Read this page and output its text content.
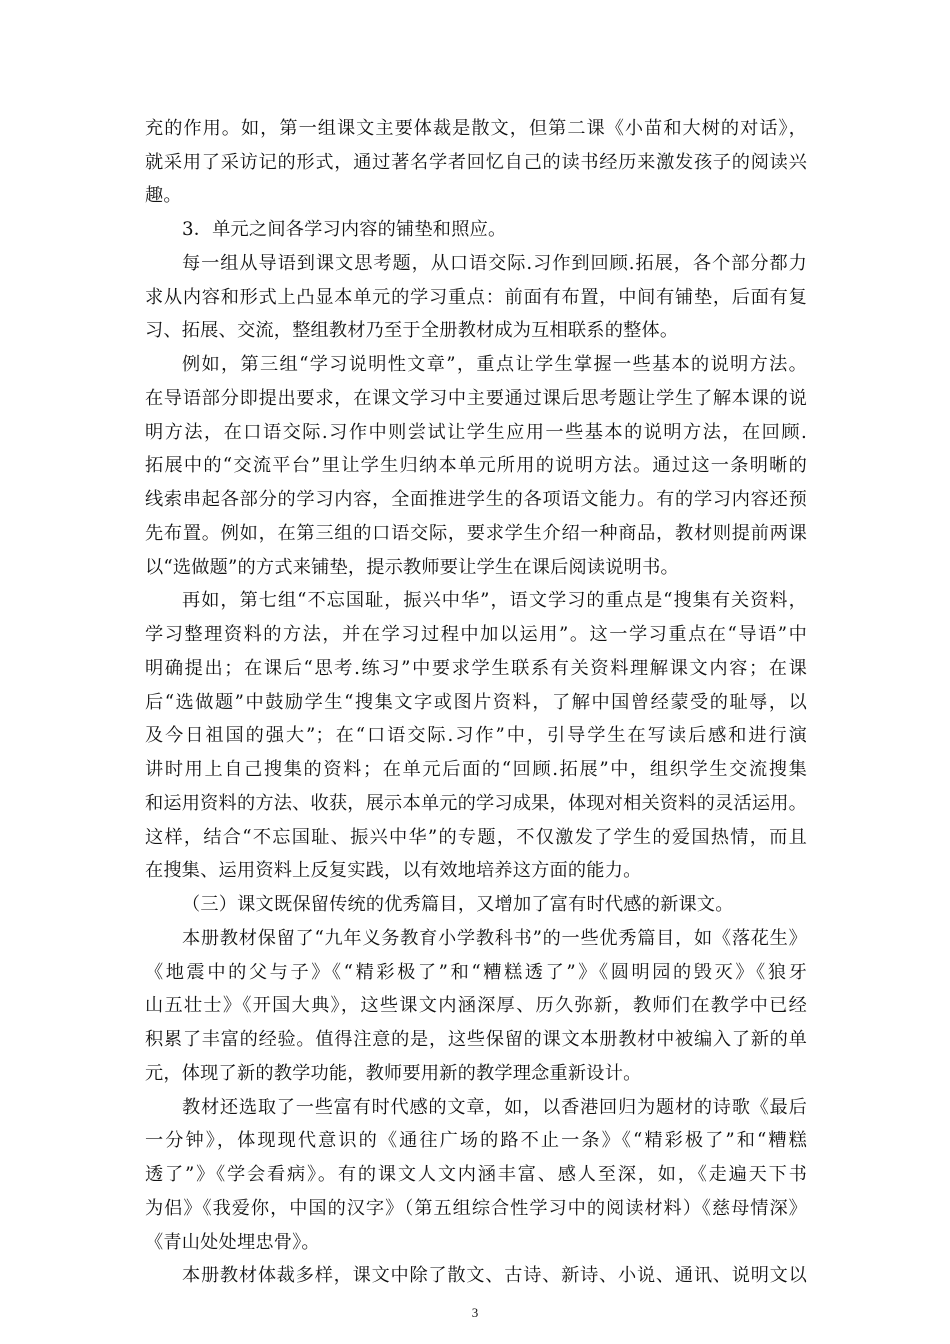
充的作用。如，第一组课文主要体裁是散文，但第二课《小苗和大树的对话》，
就采用了采访记的形式，通过著名学者回忆自己的读书经历来激发孩子的阅读兴
趣。
3．单元之间各学习内容的铺垫和照应。
每一组从导语到课文思考题，从口语交际.习作到回顾.拓展，各个部分都力
求从内容和形式上凸显本单元的学习重点：前面有布置，中间有铺垫，后面有复
习、拓展、交流，整组教材乃至于全册教材成为互相联系的整体。
例如，第三组“学习说明性文章”，重点让学生掌握一些基本的说明方法。
在导语部分即提出要求，在课文学习中主要通过课后思考题让学生了解本课的说
明方法，在口语交际.习作中则尝试让学生应用一些基本的说明方法，在回顾.
拓展中的“交流平台”里让学生归纳本单元所用的说明方法。通过这一条明晰的
线索串起各部分的学习内容，全面推进学生的各项语文能力。有的学习内容还预
先布置。例如，在第三组的口语交际，要求学生介绍一种商品，教材则提前两课
以“选做题”的方式来铺垫，提示教师要让学生在课后阅读说明书。
再如，第七组“不忘国耻，振兴中华”，语文学习的重点是“搜集有关资料，
学习整理资料的方法，并在学习过程中加以运用”。这一学习重点在“导语”中
明确提出；在课后“思考.练习”中要求学生联系有关资料理解课文内容；在课
后“选做题”中鼓励学生“搜集文字或图片资料，了解中国曾经蒙受的耻辱，以
及今日祖国的强大”；在“口语交际.习作”中，引导学生在写读后感和进行演
讲时用上自己搜集的资料；在单元后面的“回顾.拓展”中，组织学生交流搜集
和运用资料的方法、收获，展示本单元的学习成果，体现对相关资料的灵活运用。
这样，结合“不忘国耻、振兴中华”的专题，不仅激发了学生的爱国热情，而且
在搜集、运用资料上反复实践，以有效地培养这方面的能力。
（三）课文既保留传统的优秀篇目，又增加了富有时代感的新课文。
本册教材保留了“九年义务教育小学教科书”的一些优秀篇目，如《落花生》
《地震中的父与子》《“精彩极了”和“糟糕透了”》《圆明园的毁灭》《狼牙
山五壮士》《开国大典》，这些课文内涵深厚、历久弥新，教师们在教学中已经
积累了丰富的经验。值得注意的是，这些保留的课文本册教材中被编入了新的单
元，体现了新的教学功能，教师要用新的教学理念重新设计。
教材还选取了一些富有时代感的文章，如，以香港回归为题材的诗歌《最后
一分钟》，体现现代意识的《通往广场的路不止一条》《“精彩极了”和“糟糕
透了”》《学会看病》。有的课文人文内涵丰富、感人至深，如，《走遍天下书
为侣》《我爱你，中国的汉字》（第五组综合性学习中的阅读材料）《慈母情深》
《青山处处埋忠骨》。
本册教材体裁多样，课文中除了散文、古诗、新诗、小说、通讯、说明文以
3
